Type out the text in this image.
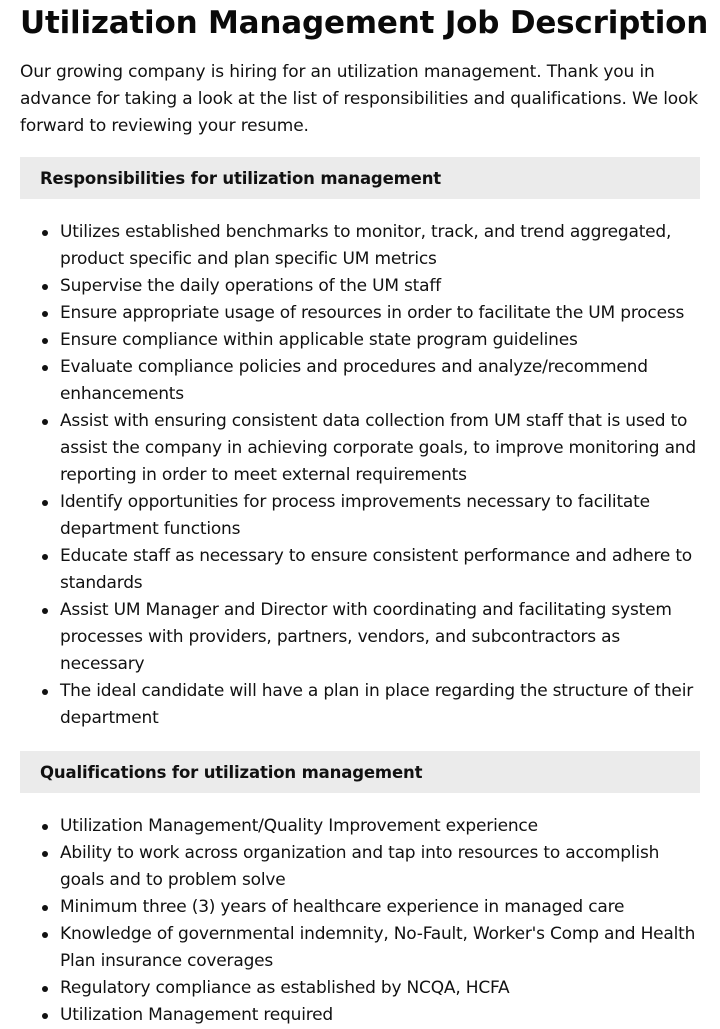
Utilization Management Job Description

Our growing company is hiring for an utilization management. Thank you in advance for taking a look at the list of responsibilities and qualifications. We look forward to reviewing your resume.

Responsibilities for utilization management
Utilizes established benchmarks to monitor, track, and trend aggregated, product specific and plan specific UM metrics
Supervise the daily operations of the UM staff
Ensure appropriate usage of resources in order to facilitate the UM process
Ensure compliance within applicable state program guidelines
Evaluate compliance policies and procedures and analyze/recommend enhancements
Assist with ensuring consistent data collection from UM staff that is used to assist the company in achieving corporate goals, to improve monitoring and reporting in order to meet external requirements
Identify opportunities for process improvements necessary to facilitate department functions
Educate staff as necessary to ensure consistent performance and adhere to standards
Assist UM Manager and Director with coordinating and facilitating system processes with providers, partners, vendors, and subcontractors as necessary
The ideal candidate will have a plan in place regarding the structure of their department
Qualifications for utilization management
Utilization Management/Quality Improvement experience
Ability to work across organization and tap into resources to accomplish goals and to problem solve
Minimum three (3) years of healthcare experience in managed care
Knowledge of governmental indemnity, No-Fault, Worker's Comp and Health Plan insurance coverages
Regulatory compliance as established by NCQA, HCFA
Utilization Management required
